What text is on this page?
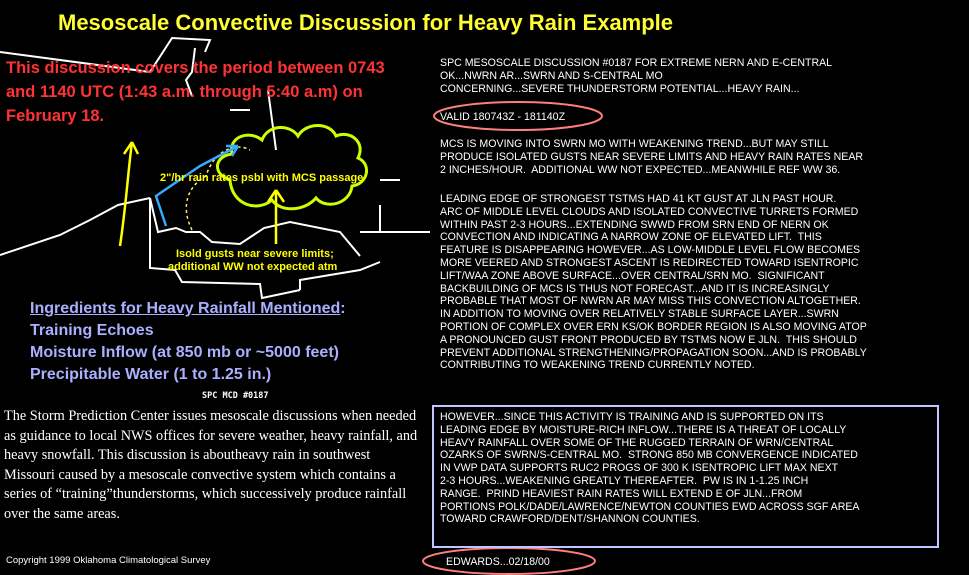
Mesoscale Convective Discussion for Heavy Rain Example
This discussion covers the period between 0743 and 1140 UTC (1:43 a.m. through 5:40 a.m) on February 18.
2"/hr rain rates psbl with MCS passage
Isold gusts near severe limits;
additional WW not expected atm
Ingredients for Heavy Rainfall Mentioned:
Training Echoes
Moisture Inflow (at 850 mb or ~5000 feet)
Precipitable Water (1 to 1.25 in.)
SPC MCD #0187
The Storm Prediction Center issues mesoscale discussions when needed as guidance to local NWS offices for severe weather, heavy rainfall, and heavy snowfall. This discussion is aboutheavy rain in southwest Missouri caused by a mesoscale convective system which contains a series of “training”thunderstorms, which successively produce rainfall over the same areas.
Copyright 1999 Oklahoma Climatological Survey
SPC MESOSCALE DISCUSSION #0187 FOR EXTREME NERN AND E-CENTRAL
OK...NWRN AR...SWRN AND S-CENTRAL MO
CONCERNING...SEVERE THUNDERSTORM POTENTIAL...HEAVY RAIN...
VALID 180743Z - 181140Z
MCS IS MOVING INTO SWRN MO WITH WEAKENING TREND...BUT MAY STILL
PRODUCE ISOLATED GUSTS NEAR SEVERE LIMITS AND HEAVY RAIN RATES NEAR
2 INCHES/HOUR.  ADDITIONAL WW NOT EXPECTED...MEANWHILE REF WW 36.
LEADING EDGE OF STRONGEST TSTMS HAD 41 KT GUST AT JLN PAST HOUR.
ARC OF MIDDLE LEVEL CLOUDS AND ISOLATED CONVECTIVE TURRETS FORMED
WITHIN PAST 2-3 HOURS...EXTENDING SWWD FROM SRN END OF NERN OK
CONVECTION AND INDICATING A NARROW ZONE OF ELEVATED LIFT.  THIS
FEATURE IS DISAPPEARING HOWEVER...AS LOW-MIDDLE LEVEL FLOW BECOMES
MORE VEERED AND STRONGEST ASCENT IS REDIRECTED TOWARD ISENTROPIC
LIFT/WAA ZONE ABOVE SURFACE...OVER CENTRAL/SRN MO.  SIGNIFICANT
BACKBUILDING OF MCS IS THUS NOT FORECAST...AND IT IS INCREASINGLY
PROBABLE THAT MOST OF NWRN AR MAY MISS THIS CONVECTION ALTOGETHER.
IN ADDITION TO MOVING OVER RELATIVELY STABLE SURFACE LAYER...SWRN
PORTION OF COMPLEX OVER ERN KS/OK BORDER REGION IS ALSO MOVING ATOP
A PRONOUNCED GUST FRONT PRODUCED BY TSTMS NOW E JLN.  THIS SHOULD
PREVENT ADDITIONAL STRENGTHENING/PROPAGATION SOON...AND IS PROBABLY
CONTRIBUTING TO WEAKENING TREND CURRENTLY NOTED.
HOWEVER...SINCE THIS ACTIVITY IS TRAINING AND IS SUPPORTED ON ITS
LEADING EDGE BY MOISTURE-RICH INFLOW...THERE IS A THREAT OF LOCALLY
HEAVY RAINFALL OVER SOME OF THE RUGGED TERRAIN OF WRN/CENTRAL
OZARKS OF SWRN/S-CENTRAL MO.  STRONG 850 MB CONVERGENCE INDICATED
IN VWP DATA SUPPORTS RUC2 PROGS OF 300 K ISENTROPIC LIFT MAX NEXT
2-3 HOURS...WEAKENING GREATLY THEREAFTER.  PW IS IN 1-1.25 INCH
RANGE.  PRIND HEAVIEST RAIN RATES WILL EXTEND E OF JLN...FROM
PORTIONS POLK/DADE/LAWRENCE/NEWTON COUNTIES EWD ACROSS SGF AREA
TOWARD CRAWFORD/DENT/SHANNON COUNTIES.
EDWARDS...02/18/00
